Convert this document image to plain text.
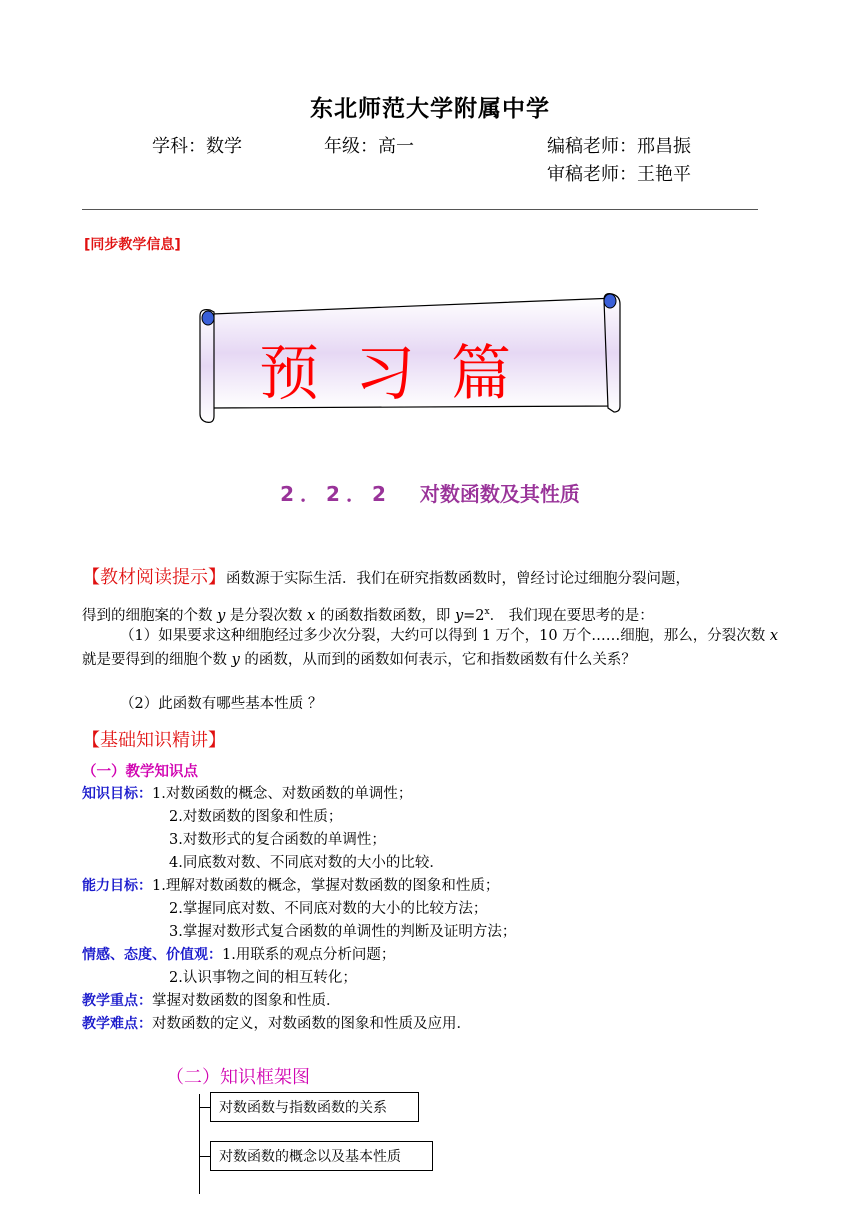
东北师范大学附属中学
学科：数学	年级：高一	编稿老师：邢昌振
审稿老师：王艳平
[同步教学信息]
预习篇
2．2．2 对数函数及其性质
【教材阅读提示】函数源于实际生活．我们在研究指数函数时，曾经讨论过细胞分裂问题，
得到的细胞案的个数 y 是分裂次数 x 的函数指数函数，即 $y=2^x$． 我们现在要思考的是：
（1）如果要求这种细胞经过多少次分裂，大约可以得到 1 万个，10 万个……细胞，那么，分裂次数 x 就是要得到的细胞个数 y 的函数，从而到的函数如何表示，它和指数函数有什么关系？
（2）此函数有哪些基本性质 ？
【基础知识精讲】
（一）教学知识点
知识目标：1.对数函数的概念、对数函数的单调性；
2.对数函数的图象和性质；
3.对数形式的复合函数的单调性；
4.同底数对数、不同底对数的大小的比较．
能力目标：1.理解对数函数的概念，掌握对数函数的图象和性质；
2.掌握同底对数、不同底对数的大小的比较方法；
3.掌握对数形式复合函数的单调性的判断及证明方法；
情感、态度、价值观：1.用联系的观点分析问题；
2.认识事物之间的相互转化；
教学重点：掌握对数函数的图象和性质．
教学难点：对数函数的定义，对数函数的图象和性质及应用．
（二）知识框架图
对数函数与指数函数的关系
对数函数的概念以及基本性质
